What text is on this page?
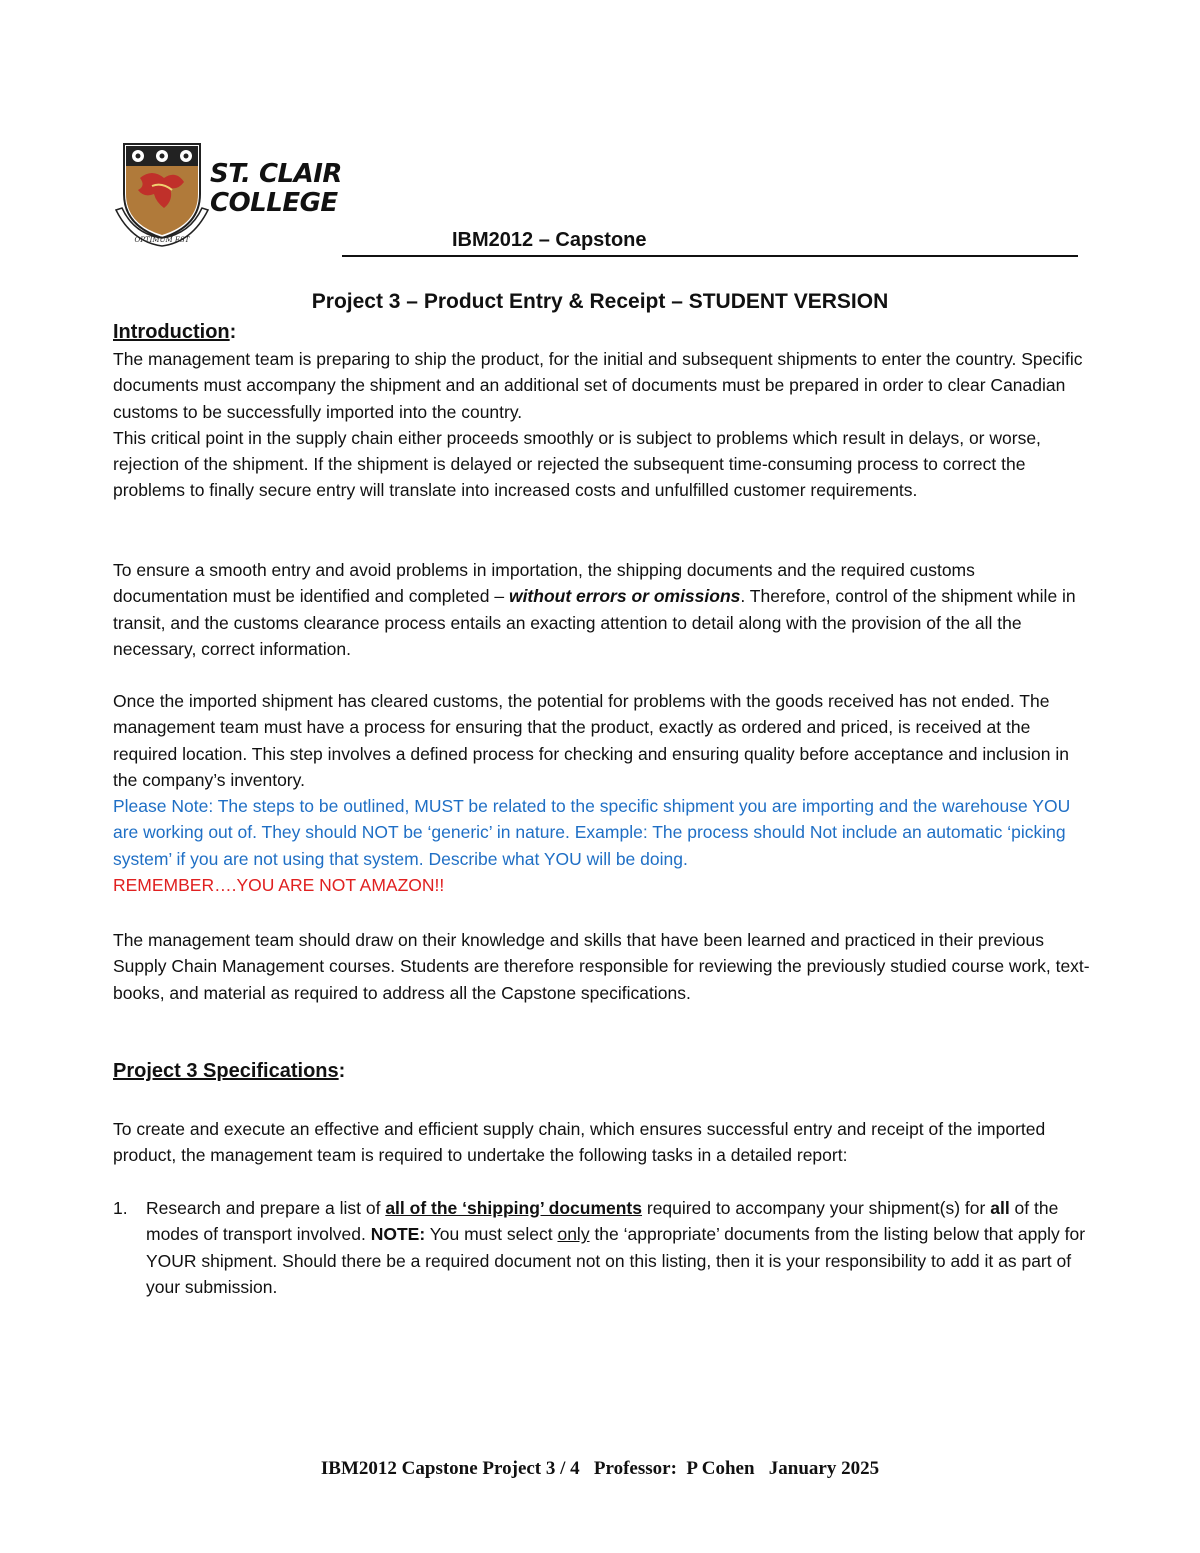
OPTIMUM EST
ST. CLAIR
COLLEGE
IBM2012 – Capstone
Project 3 – Product Entry & Receipt – STUDENT VERSION
Introduction:

The management team is preparing to ship the product, for the initial and subsequent shipments to enter the country. Specific documents must accompany the shipment and an additional set of documents must be prepared in order to clear Canadian customs to be successfully imported into the country.

This critical point in the supply chain either proceeds smoothly or is subject to problems which result in delays, or worse, rejection of the shipment. If the shipment is delayed or rejected the subsequent time-consuming process to correct the problems to finally secure entry will translate into increased costs and unfulfilled customer requirements.

To ensure a smooth entry and avoid problems in importation, the shipping documents and the required customs documentation must be identified and completed – without errors or omissions. Therefore, control of the shipment while in transit, and the customs clearance process entails an exacting attention to detail along with the provision of the all the necessary, correct information.

Once the imported shipment has cleared customs, the potential for problems with the goods received has not ended. The management team must have a process for ensuring that the product, exactly as ordered and priced, is received at the required location. This step involves a defined process for checking and ensuring quality before acceptance and inclusion in the company’s inventory.

Please Note: The steps to be outlined, MUST be related to the specific shipment you are importing and the warehouse YOU are working out of. They should NOT be ‘generic’ in nature. Example: The process should Not include an automatic ‘picking system’ if you are not using that system. Describe what YOU will be doing.

REMEMBER….YOU ARE NOT AMAZON!!

The management team should draw on their knowledge and skills that have been learned and practiced in their previous Supply Chain Management courses. Students are therefore responsible for reviewing the previously studied course work, text- books, and material as required to address all the Capstone specifications.
Project 3 Specifications:
To create and execute an effective and efficient supply chain, which ensures successful entry and receipt of the imported product, the management team is required to undertake the following tasks in a detailed report:
1. Research and prepare a list of all of the ‘shipping’ documents required to accompany your shipment(s) for all of the modes of transport involved. NOTE: You must select only the ‘appropriate’ documents from the listing below that apply for YOUR shipment. Should there be a required document not on this listing, then it is your responsibility to add it as part of your submission.
IBM2012 Capstone Project 3 / 4   Professor:  P Cohen   January 2025
